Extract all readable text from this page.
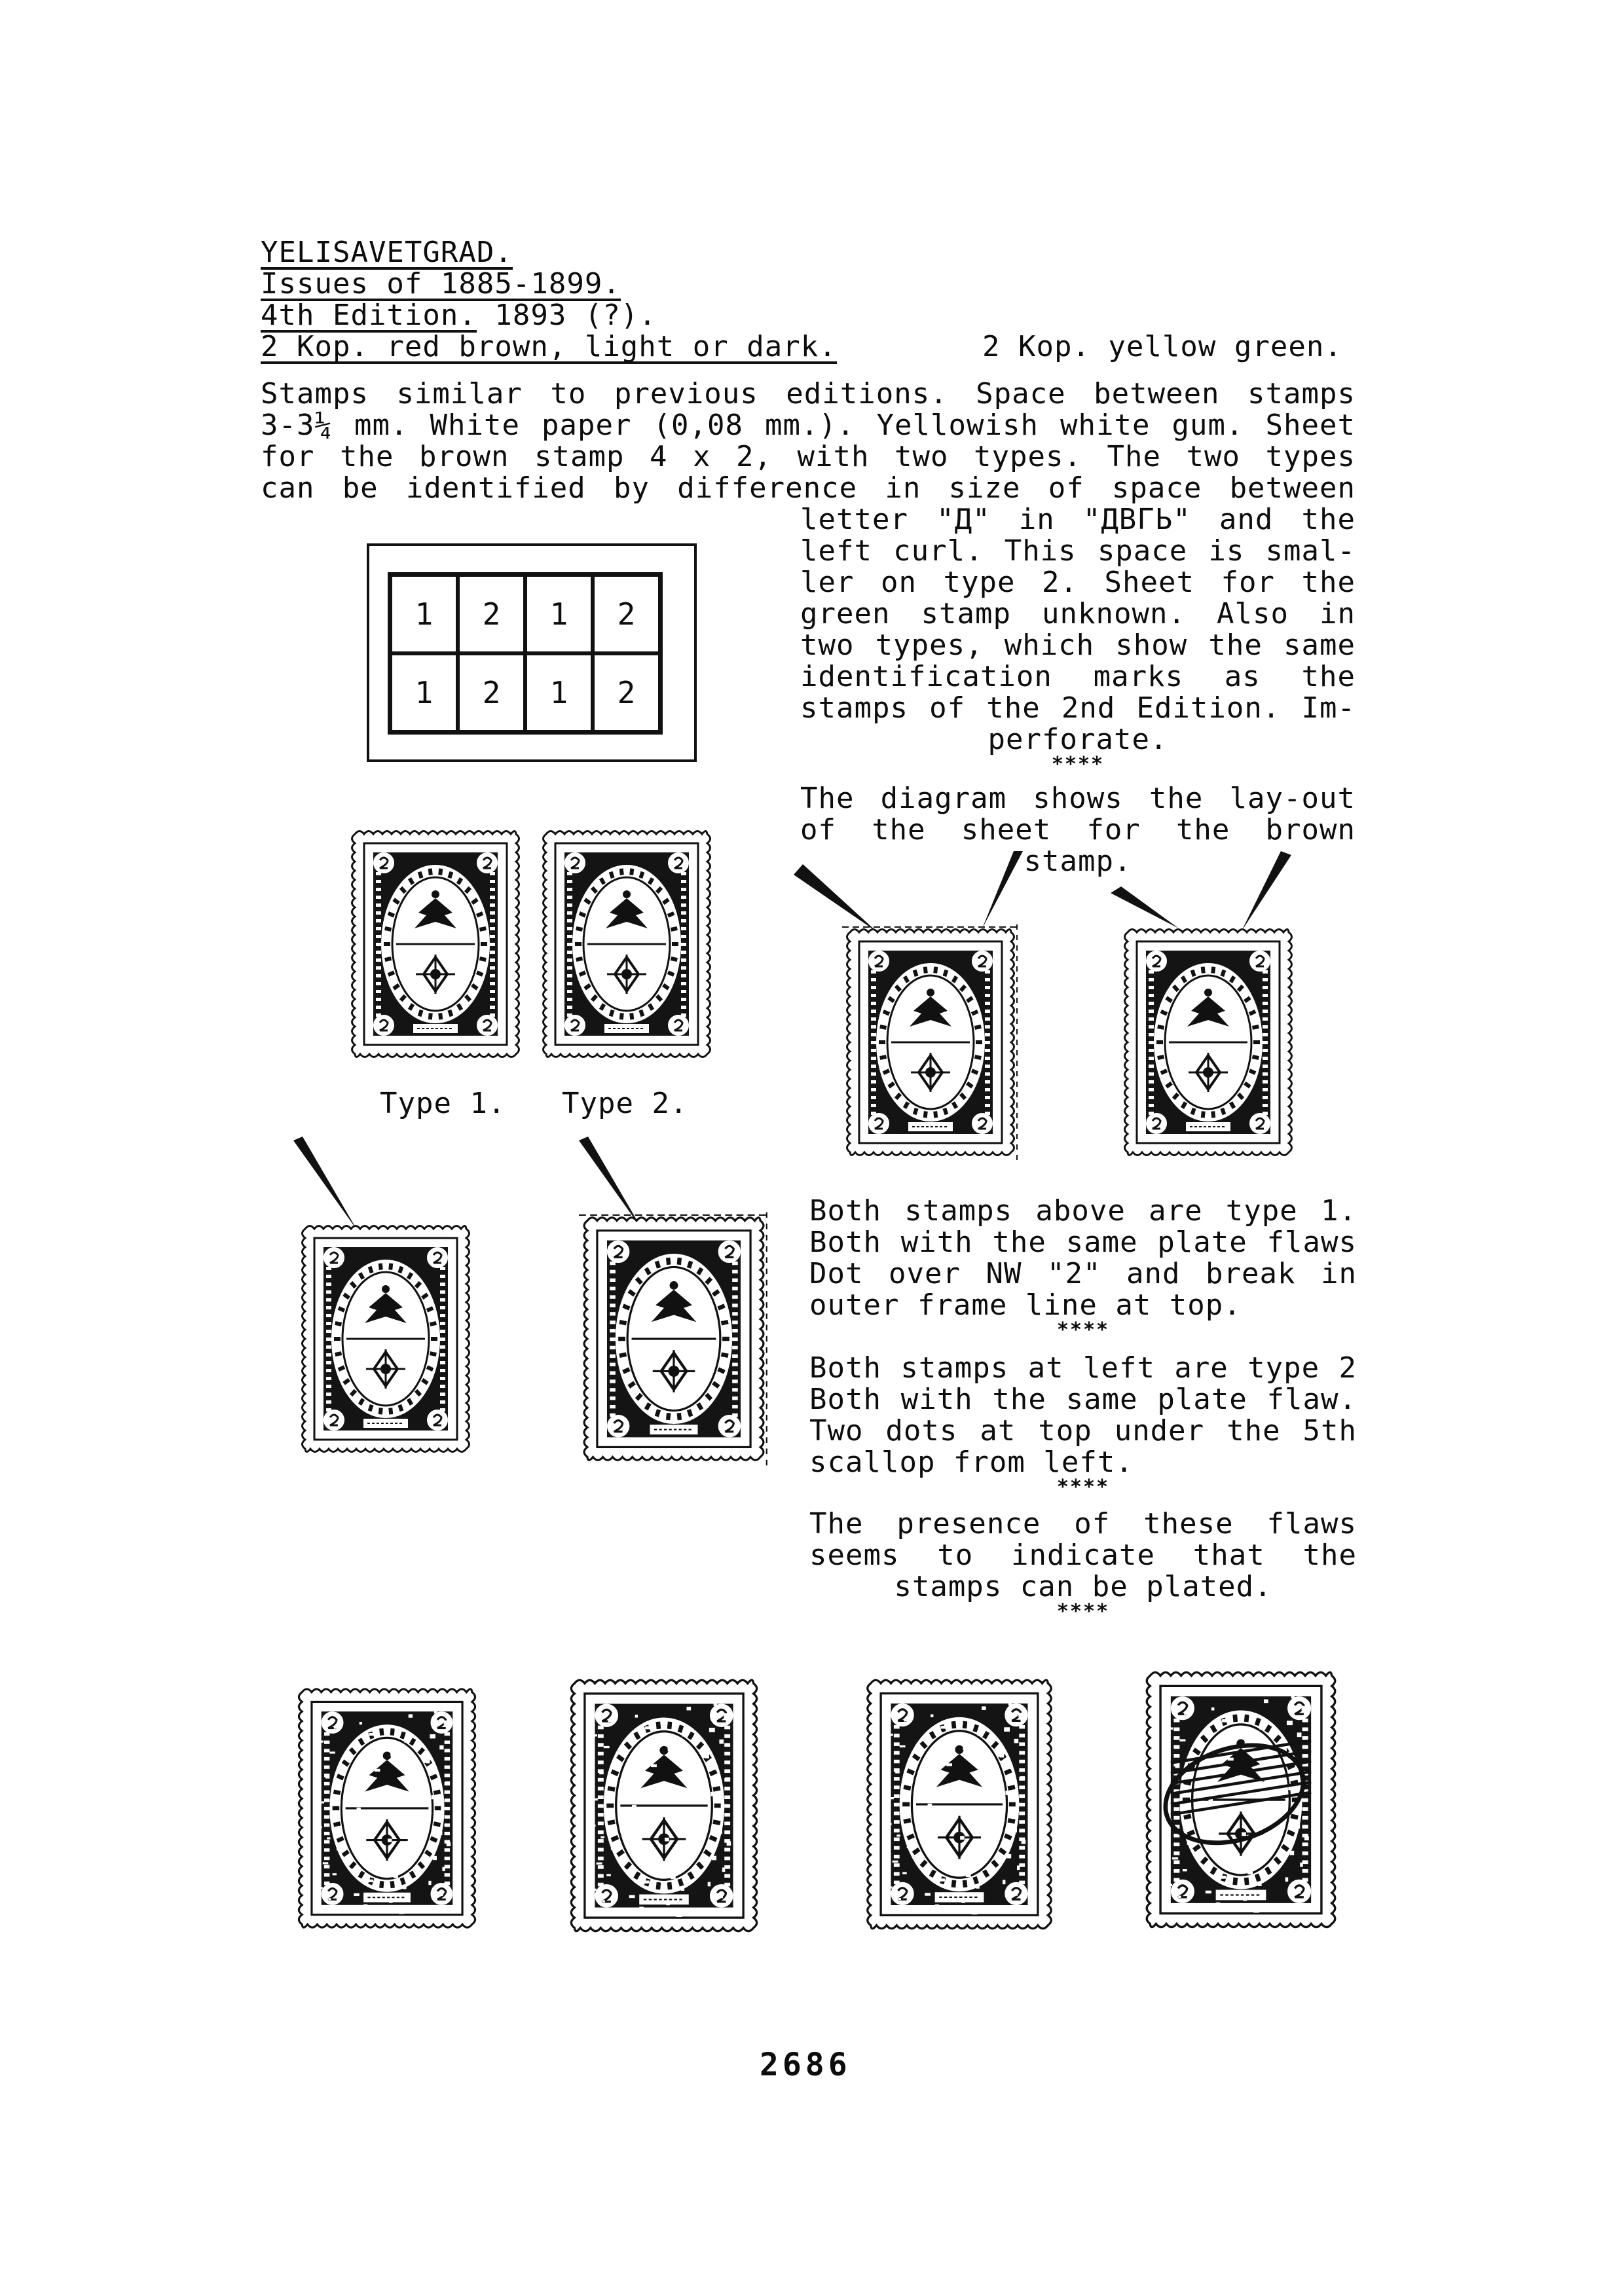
YELISAVETGRAD.
Issues of 1885-1899.
4th Edition. 1893 (?).
2 Kop. red brown, light or dark.	2 Kop. yellow green.
Stamps similar to previous editions. Space between stamps
3-3¼ mm. White paper (0,08 mm.). Yellowish white gum. Sheet
for the brown stamp 4 x 2, with two types. The two types
can be identified by difference in size of space between
letter "Д" in "ДВГЬ" and the
left curl. This space is smal-
ler on type 2. Sheet for the
green stamp unknown. Also in
two types, which show the same
identification marks as the
stamps of the 2nd Edition. Im-
perforate.
****
The diagram shows the lay-out
of the sheet for the brown
stamp.
1	2	1	2
1	2	1	2
Type 1. Type 2.
Both stamps above are type 1.
Both with the same plate flaws
Dot over NW "2" and break in
outer frame line at top.
****
Both stamps at left are type 2
Both with the same plate flaw.
Two dots at top under the 5th
scallop from left.
****
The presence of these flaws
seems to indicate that the
stamps can be plated.
****
2686
